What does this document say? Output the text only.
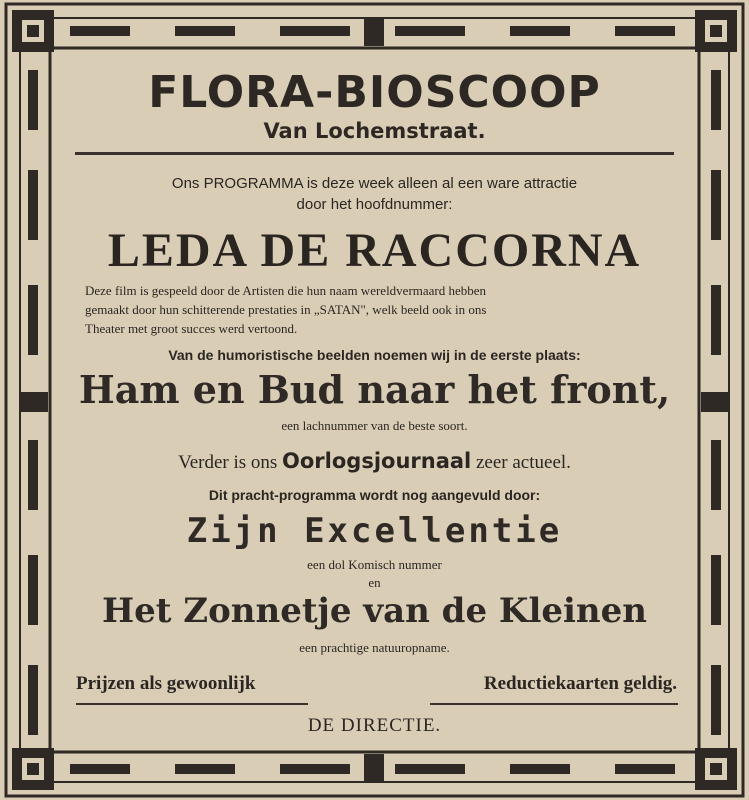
FLORA-BIOSCOOP
Van Lochemstraat.
Ons PROGRAMMA is deze week alleen al een ware attractie
door het hoofdnummer:
LEDA DE RACCORNA
Deze film is gespeeld door de Artisten die hun naam wereldvermaard hebben
gemaakt door hun schitterende prestaties in „SATAN", welk beeld ook in ons
Theater met groot succes werd vertoond.
Van de humoristische beelden noemen wij in de eerste plaats:
Ham en Bud naar het front,
een lachnummer van de beste soort.
Verder is ons Oorlogsjournaal zeer actueel.
Dit pracht-programma wordt nog aangevuld door:
Zijn Excellentie
een dol Komisch nummer
en
Het Zonnetje van de Kleinen
een prachtige natuuropname.
Prijzen als gewoonlijk	Reductiekaarten geldig.
DE DIRECTIE.
